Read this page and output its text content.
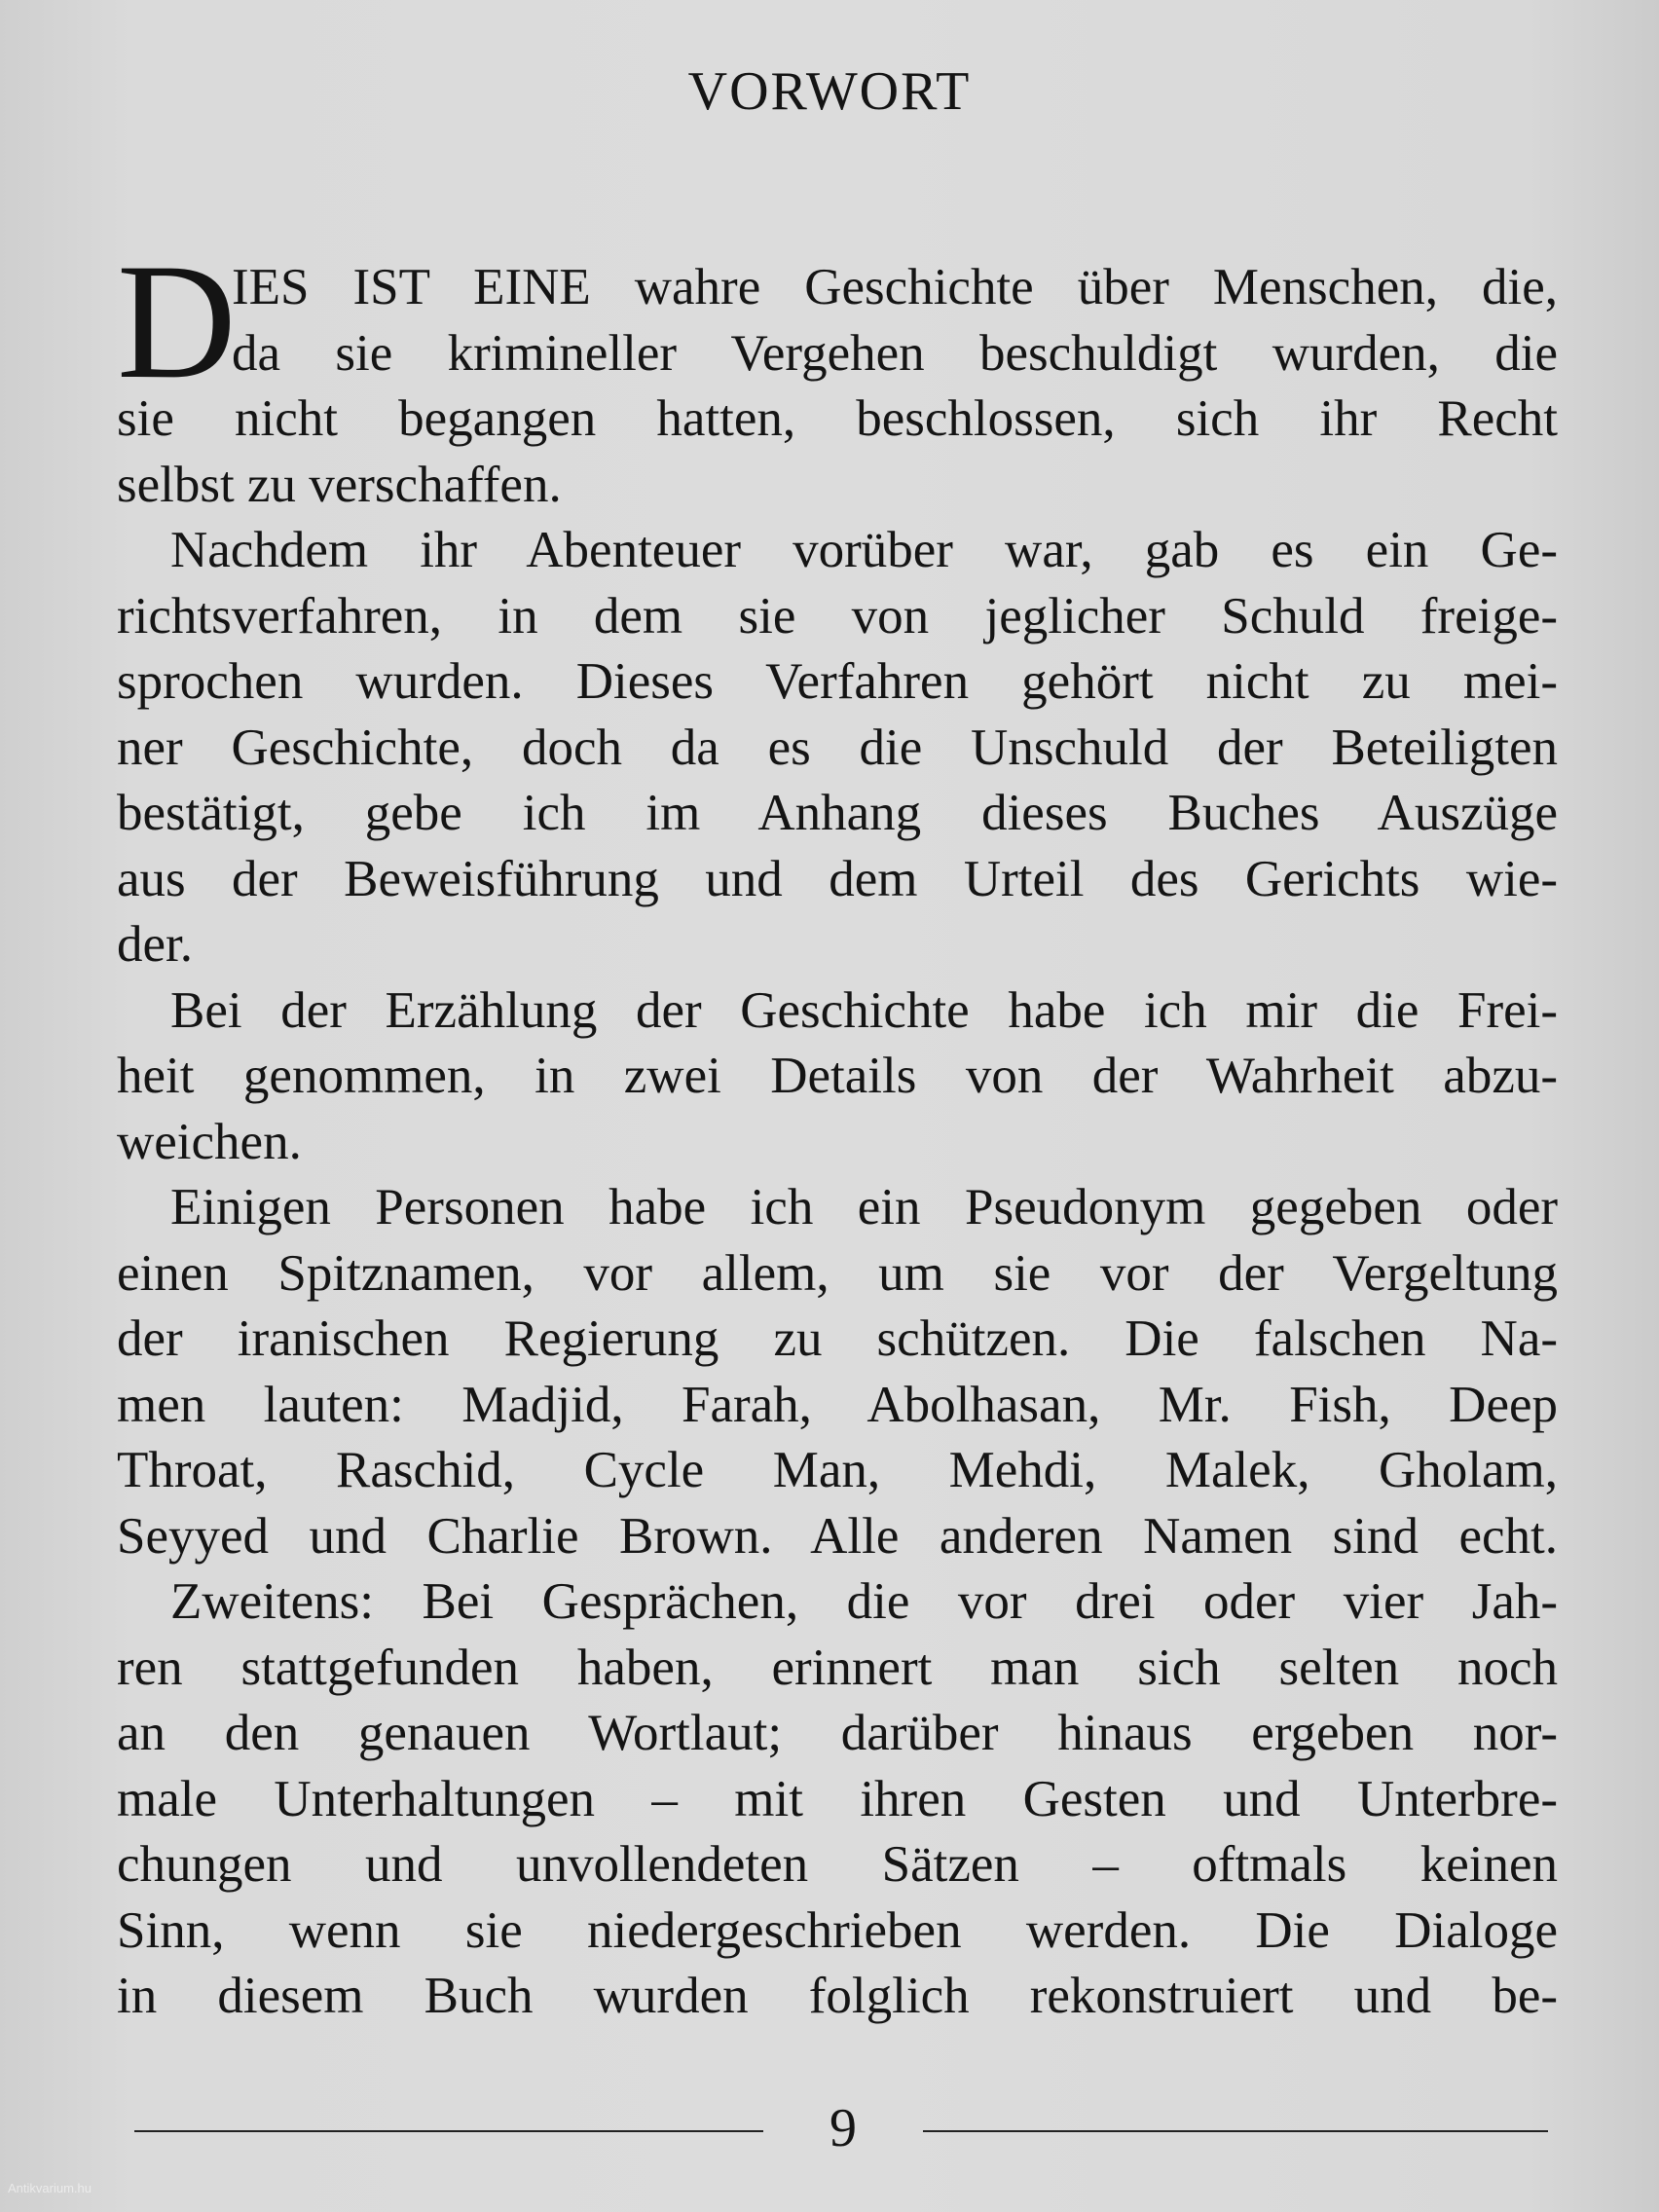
VORWORT
D
IES IST EINE wahre Geschichte über Menschen, die,
da sie krimineller Vergehen beschuldigt wurden, die
sie nicht begangen hatten, beschlossen, sich ihr Recht
selbst zu verschaffen.
Nachdem ihr Abenteuer vorüber war, gab es ein Ge-
richtsverfahren, in dem sie von jeglicher Schuld freige-
sprochen wurden. Dieses Verfahren gehört nicht zu mei-
ner Geschichte, doch da es die Unschuld der Beteiligten
bestätigt, gebe ich im Anhang dieses Buches Auszüge
aus der Beweisführung und dem Urteil des Gerichts wie-
der.
Bei der Erzählung der Geschichte habe ich mir die Frei-
heit genommen, in zwei Details von der Wahrheit abzu-
weichen.
Einigen Personen habe ich ein Pseudonym gegeben oder
einen Spitznamen, vor allem, um sie vor der Vergeltung
der iranischen Regierung zu schützen. Die falschen Na-
men lauten: Madjid, Farah, Abolhasan, Mr. Fish, Deep
Throat, Raschid, Cycle Man, Mehdi, Malek, Gholam,
Seyyed und Charlie Brown. Alle anderen Namen sind echt.
Zweitens: Bei Gesprächen, die vor drei oder vier Jah-
ren stattgefunden haben, erinnert man sich selten noch
an den genauen Wortlaut; darüber hinaus ergeben nor-
male Unterhaltungen – mit ihren Gesten und Unterbre-
chungen und unvollendeten Sätzen – oftmals keinen
Sinn, wenn sie niedergeschrieben werden. Die Dialoge
in diesem Buch wurden folglich rekonstruiert und be-
9
Antikvarium.hu
